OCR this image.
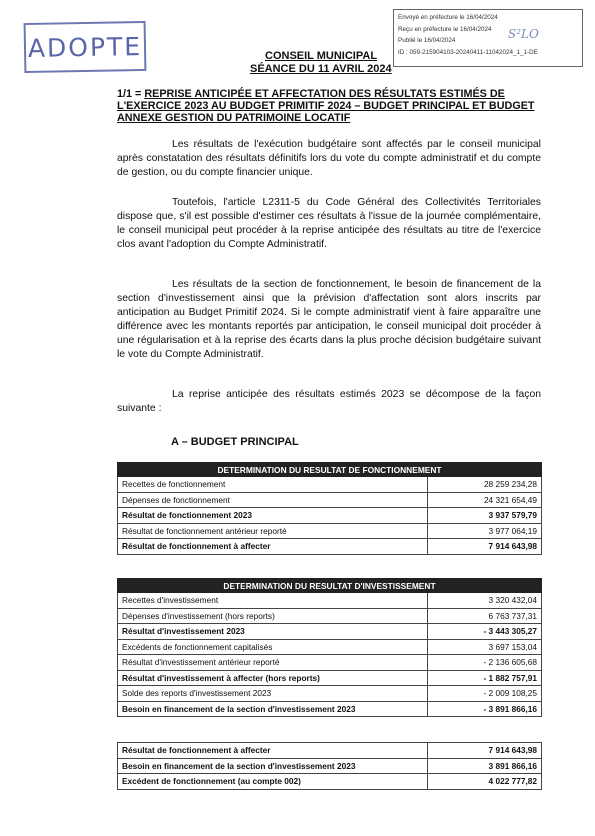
ADOPTE
Envoyé en préfecture le 16/04/2024
Reçu en préfecture le 16/04/2024
Publié le 16/04/2024
ID : 059-215904103-20240411-11042024_1_1-DE
S²LO
CONSEIL MUNICIPAL
SÉANCE DU 11 AVRIL 2024
1/1 = REPRISE ANTICIPÉE ET AFFECTATION DES RÉSULTATS ESTIMÉS DE L'EXERCICE 2023 AU BUDGET PRIMITIF 2024 – BUDGET PRINCIPAL ET BUDGET ANNEXE GESTION DU PATRIMOINE LOCATIF
Les résultats de l'exécution budgétaire sont affectés par le conseil municipal après constatation des résultats définitifs lors du vote du compte administratif et du compte de gestion, ou du compte financier unique.
Toutefois, l'article L2311-5 du Code Général des Collectivités Territoriales dispose que, s'il est possible d'estimer ces résultats à l'issue de la journée complémentaire, le conseil municipal peut procéder à la reprise anticipée des résultats au titre de l'exercice clos avant l'adoption du Compte Administratif.
Les résultats de la section de fonctionnement, le besoin de financement de la section d'investissement ainsi que la prévision d'affectation sont alors inscrits par anticipation au Budget Primitif 2024. Si le compte administratif vient à faire apparaître une différence avec les montants reportés par anticipation, le conseil municipal doit procéder à une régularisation et à la reprise des écarts dans la plus proche décision budgétaire suivant le vote du Compte Administratif.
La reprise anticipée des résultats estimés 2023 se décompose de la façon suivante :
A – BUDGET PRINCIPAL
DETERMINATION DU RESULTAT DE FONCTIONNEMENT	
Recettes de fonctionnement	28 259 234,28
Dépenses de fonctionnement	24 321 654,49
Résultat de fonctionnement 2023	3 937 579,79
Résultat de fonctionnement antérieur reporté	3 977 064,19
Résultat de fonctionnement à affecter	7 914 643,98
DETERMINATION DU RESULTAT D'INVESTISSEMENT	
Recettes d'investissement	3 320 432,04
Dépenses d'investissement (hors reports)	6 763 737,31
Résultat d'investissement 2023	- 3 443 305,27
Excédents de fonctionnement capitalisés	3 697 153,04
Résultat d'investissement antérieur reporté	- 2 136 605,68
Résultat d'investissement à affecter (hors reports)	- 1 882 757,91
Solde des reports d'investissement 2023	- 2 009 108,25
Besoin en financement de la section d'investissement 2023	- 3 891 866,16
Résultat de fonctionnement à affecter	7 914 643,98
Besoin en financement de la section d'investissement 2023	3 891 866,16
Excédent de fonctionnement (au compte 002)	4 022 777,82
